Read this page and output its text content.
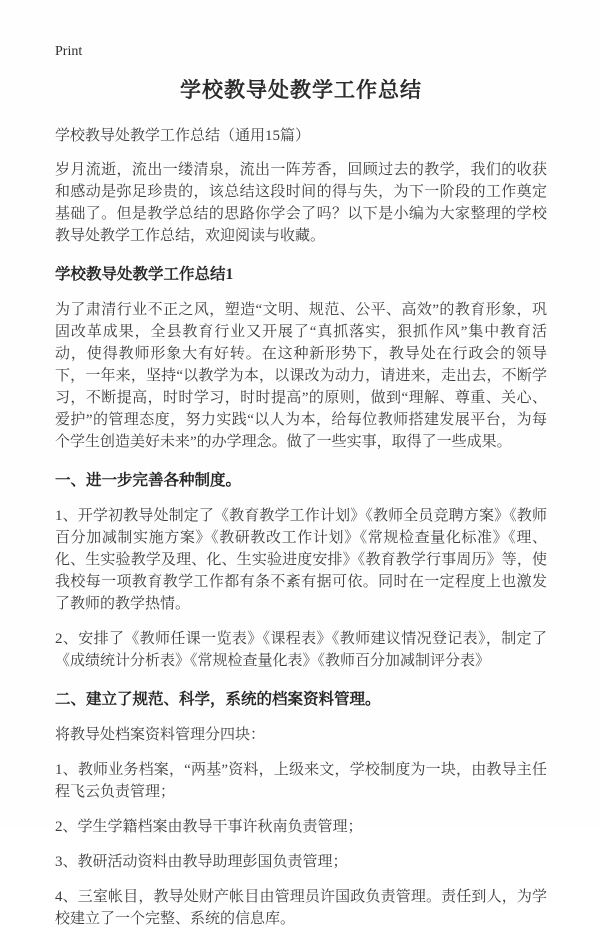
Print
学校教导处教学工作总结
学校教导处教学工作总结（通用15篇）

岁月流逝，流出一缕清泉，流出一阵芳香，回顾过去的教学，我们的收获和感动是弥足珍贵的，该总结这段时间的得与失，为下一阶段的工作奠定基础了。但是教学总结的思路你学会了吗？以下是小编为大家整理的学校教导处教学工作总结，欢迎阅读与收藏。

学校教导处教学工作总结1

为了肃清行业不正之风，塑造“文明、规范、公平、高效”的教育形象，巩固改革成果，全县教育行业又开展了“真抓落实，狠抓作风”集中教育活动，使得教师形象大有好转。在这种新形势下，教导处在行政会的领导下，一年来，坚持“以教学为本，以课改为动力，请进来，走出去，不断学习，不断提高，时时学习，时时提高”的原则，做到“理解、尊重、关心、爱护”的管理态度，努力实践“以人为本，给每位教师搭建发展平台，为每个学生创造美好未来”的办学理念。做了一些实事，取得了一些成果。

一、进一步完善各种制度。

1、开学初教导处制定了《教育教学工作计划》《教师全员竞聘方案》《教师百分加减制实施方案》《教研教改工作计划》《常规检查量化标准》《理、化、生实验教学及理、化、生实验进度安排》《教育教学行事周历》等，使我校每一项教育教学工作都有条不紊有据可依。同时在一定程度上也激发了教师的教学热情。

2、安排了《教师任课一览表》《课程表》《教师建议情况登记表》，制定了《成绩统计分析表》《常规检查量化表》《教师百分加减制评分表》

二、建立了规范、科学，系统的档案资料管理。

将教导处档案资料管理分四块：

1、教师业务档案，“两基”资料，上级来文，学校制度为一块，由教导主任程飞云负责管理；

2、学生学籍档案由教导干事许秋南负责管理；

3、教研活动资料由教导助理彭国负责管理；

4、三室帐目，教导处财产帐目由管理员许国政负责管理。责任到人，为学校建立了一个完整、系统的信息库。
